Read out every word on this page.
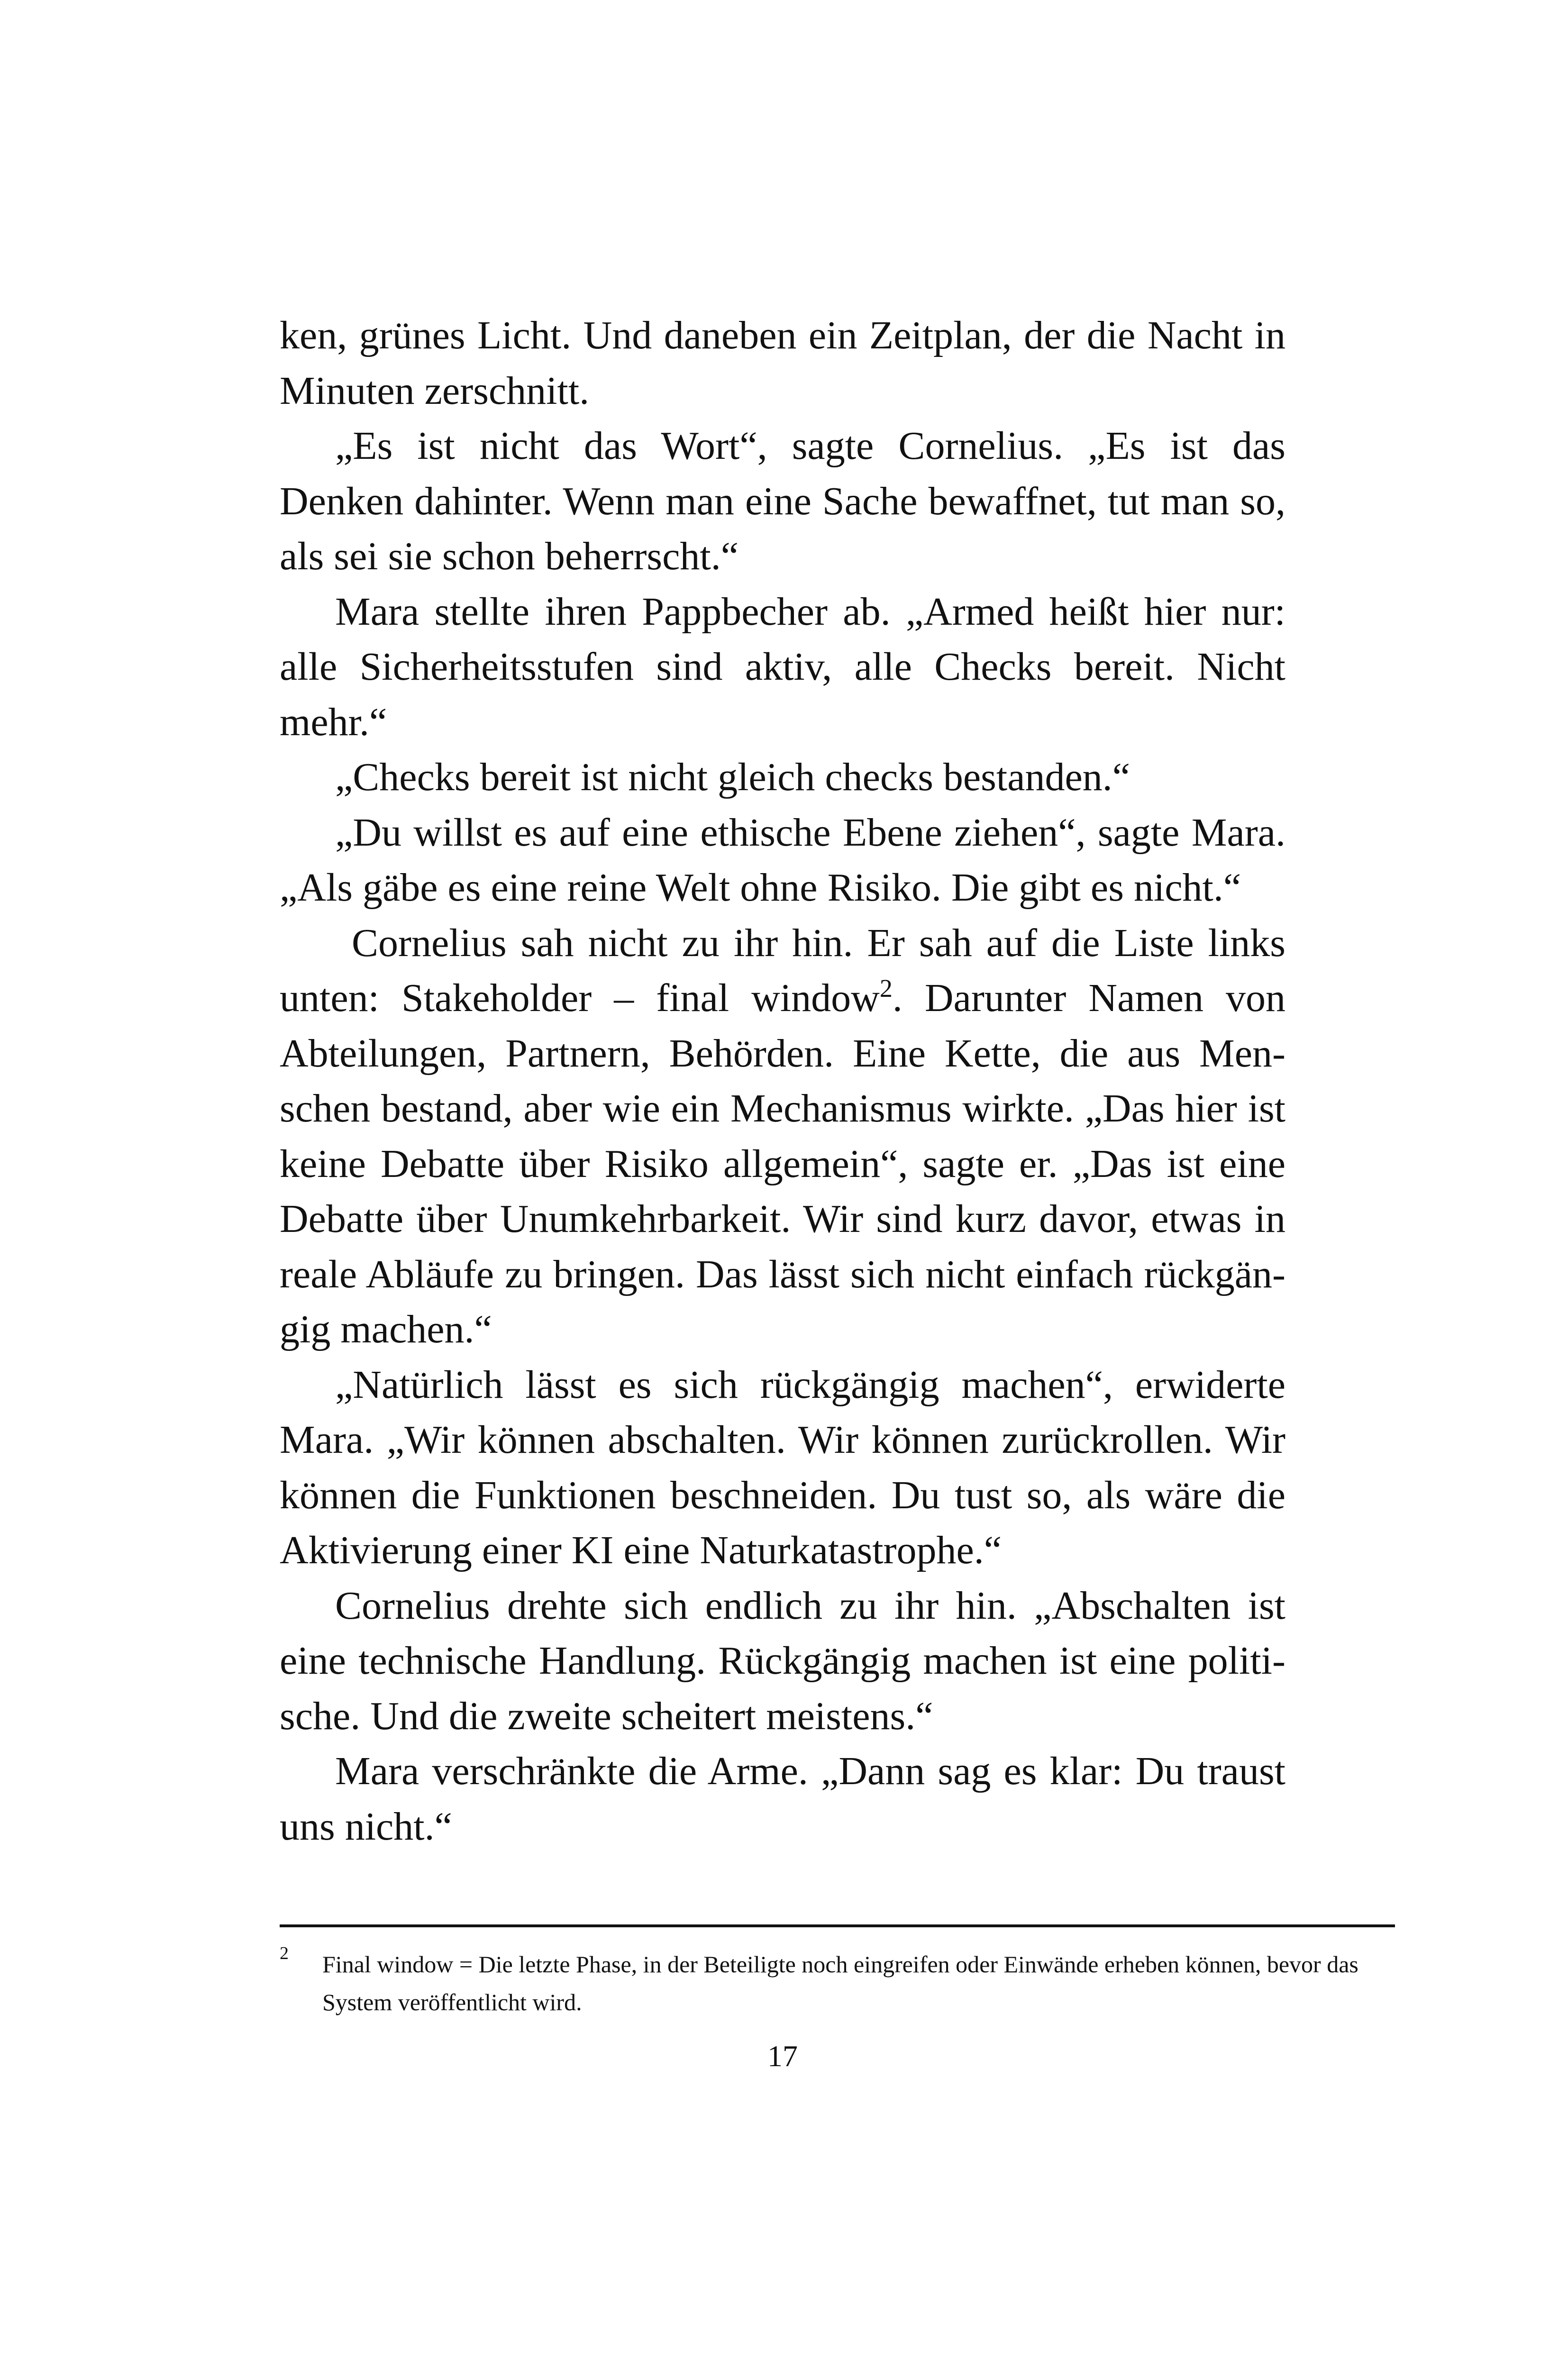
ken, grünes Licht. Und daneben ein Zeitplan, der die Nacht in Minuten zerschnitt.

„Es ist nicht das Wort“, sagte Cornelius. „Es ist das Denken dahinter. Wenn man eine Sache bewaffnet, tut man so, als sei sie schon beherrscht.“

Mara stellte ihren Pappbecher ab. „Armed heißt hier nur: alle Sicherheitsstufen sind aktiv, alle Checks bereit. Nicht mehr.“

„Checks bereit ist nicht gleich checks bestanden.“

„Du willst es auf eine ethische Ebene ziehen“, sagte Mara. „Als gäbe es eine reine Welt ohne Risiko. Die gibt es nicht.“

Cornelius sah nicht zu ihr hin. Er sah auf die Liste links unten: Stakeholder – final window$^2$. Darunter Namen von Abteilungen, Partnern, Behörden. Eine Kette, die aus Menschen bestand, aber wie ein Mechanismus wirkte. „Das hier ist keine Debatte über Risiko allgemein“, sagte er. „Das ist eine Debatte über Unumkehrbarkeit. Wir sind kurz davor, etwas in reale Abläufe zu bringen. Das lässt sich nicht einfach rückgängig machen.“

„Natürlich lässt es sich rückgängig machen“, erwiderte Mara. „Wir können abschalten. Wir können zurückrollen. Wir können die Funktionen beschneiden. Du tust so, als wäre die Aktivierung einer KI eine Naturkatastrophe.“

Cornelius drehte sich endlich zu ihr hin. „Abschalten ist eine technische Handlung. Rückgängig machen ist eine politische. Und die zweite scheitert meistens.“

Mara verschränkte die Arme. „Dann sag es klar: Du traust uns nicht.“

2 Final window = Die letzte Phase, in der Beteiligte noch eingreifen oder Einwände erheben können, bevor das System veröffentlicht wird.
17
